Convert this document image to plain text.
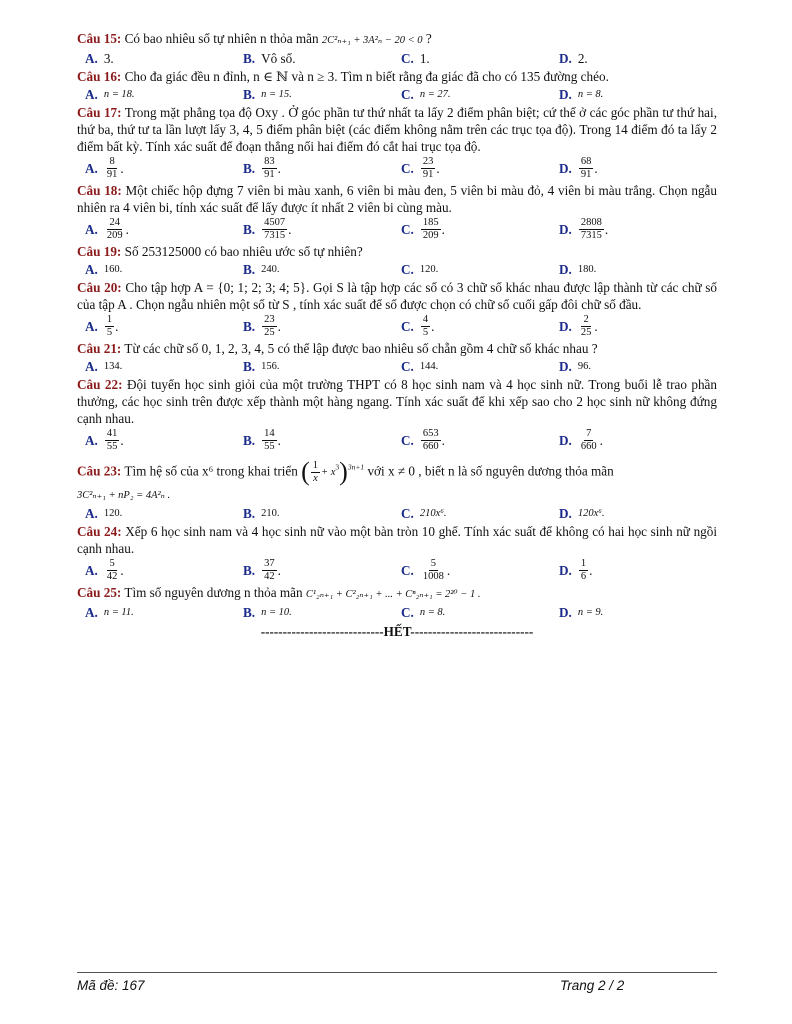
Câu 15: Có bao nhiêu số tự nhiên n thỏa mãn 2C²ₙ₊₁ + 3A²ₙ − 20 < 0 ?

A. 3.	B. Vô số.	C. 1.	D. 2.

Câu 16: Cho đa giác đều n đỉnh, n ∈ ℕ và n ≥ 3. Tìm n biết rằng đa giác đã cho có 135 đường chéo.

A. n = 18.	B. n = 15.	C. n = 27.	D. n = 8.

Câu 17: Trong mặt phẳng tọa độ Oxy . Ở góc phần tư thứ nhất ta lấy 2 điểm phân biệt; cứ thế ở các góc phần tư thứ hai, thứ ba, thứ tư ta lần lượt lấy 3, 4, 5 điểm phân biệt (các điểm không nằm trên các trục tọa độ). Trong 14 điểm đó ta lấy 2 điểm bất kỳ. Tính xác suất để đoạn thẳng nối hai điểm đó cắt hai trục tọa độ.

A. $\frac{8}{91}$ .	B. $\frac{83}{91}$ .	C. $\frac{23}{91}$ .	D. $\frac{68}{91}$ .

Câu 18: Một chiếc hộp đựng 7 viên bi màu xanh, 6 viên bi màu đen, 5 viên bi màu đỏ, 4 viên bi màu trắng. Chọn ngẫu nhiên ra 4 viên bi, tính xác suất để lấy được ít nhất 2 viên bi cùng màu.

A. $\frac{24}{209}$ .	B. $\frac{4507}{7315}$ .	C. $\frac{185}{209}$ .	D. $\frac{2808}{7315}$ .

Câu 19: Số 253125000 có bao nhiêu ước số tự nhiên?

A. 160.	B. 240.	C. 120.	D. 180.

Câu 20: Cho tập hợp A = {0; 1; 2; 3; 4; 5}. Gọi S là tập hợp các số có 3 chữ số khác nhau được lập thành từ các chữ số của tập A . Chọn ngẫu nhiên một số từ S , tính xác suất để số được chọn có chữ số cuối gấp đôi chữ số đầu.

A. $\frac{1}{5}$ .	B. $\frac{23}{25}$ .	C. $\frac{4}{5}$ .	D. $\frac{2}{25}$ .

Câu 21: Từ các chữ số 0, 1, 2, 3, 4, 5 có thể lập được bao nhiêu số chẵn gồm 4 chữ số khác nhau ?

A. 134.	B. 156.	C. 144.	D. 96.

Câu 22: Đội tuyển học sinh giỏi của một trường THPT có 8 học sinh nam và 4 học sinh nữ. Trong buổi lễ trao phần thưởng, các học sinh trên được xếp thành một hàng ngang. Tính xác suất để khi xếp sao cho 2 học sinh nữ không đứng cạnh nhau.

A. $\frac{41}{55}$ .	B. $\frac{14}{55}$ .	C. $\frac{653}{660}$ .	D. $\frac{7}{660}$ .

Câu 23: Tìm hệ số của x⁶ trong khai triển ( $\frac{1}{x} + x^3)^{3n+1}$ với x ≠ 0 , biết n là số nguyên dương thỏa mãn
3C²ₙ₊₁ + nP₂ = 4A²ₙ .

A. 120.	B. 210.	C. 210x⁶.	D. 120x⁶.

Câu 24: Xếp 6 học sinh nam và 4 học sinh nữ vào một bàn tròn 10 ghế. Tính xác suất để không có hai học sinh nữ ngồi cạnh nhau.

A. $\frac{5}{42}$ .	B. $\frac{37}{42}$ .	C. $\frac{5}{1008}$ .	D. $\frac{1}{6}$ .

Câu 25: Tìm số nguyên dương n thỏa mãn C¹₂ₙ₊₁ + C²₂ₙ₊₁ + ... + Cⁿ₂ₙ₊₁ = 2²⁰ − 1 .

A. n = 11.	B. n = 10.	C. n = 8.	D. n = 9.
----------------------------HẾT----------------------------
Mã đề: 167	Trang 2 / 2
